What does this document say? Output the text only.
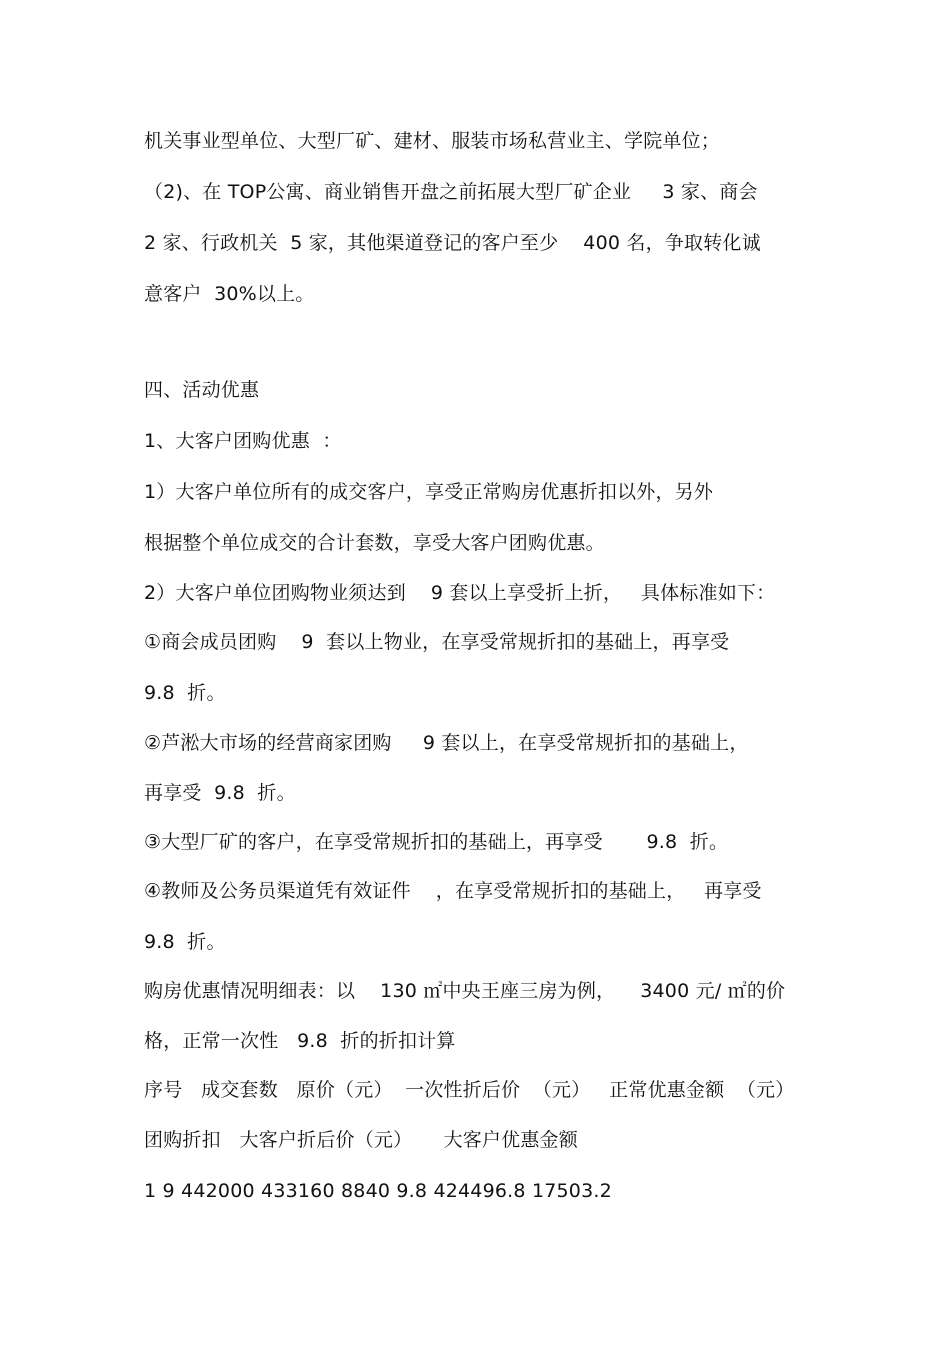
机关事业型单位、大型厂矿、建材、服装市场私营业主、学院单位；
（2)、在 TOP公寓、商业销售开盘之前拓展大型厂矿企业     3 家、商会
2 家、行政机关  5 家，其他渠道登记的客户至少    400 名，争取转化诚
意客户  30%以上。
四、活动优惠
1、大客户团购优惠  ：
1）大客户单位所有的成交客户，享受正常购房优惠折扣以外，另外
根据整个单位成交的合计套数，享受大客户团购优惠。
2）大客户单位团购物业须达到    9 套以上享受折上折，   具体标准如下：
①商会成员团购    9  套以上物业，在享受常规折扣的基础上，再享受
9.8  折。
②芦淞大市场的经营商家团购     9 套以上，在享受常规折扣的基础上，
再享受  9.8  折。
③大型厂矿的客户，在享受常规折扣的基础上，再享受       9.8  折。
④教师及公务员渠道凭有效证件    ，在享受常规折扣的基础上，   再享受
9.8  折。
购房优惠情况明细表：以    130 ㎡中央王座三房为例，    3400 元/ ㎡的价
格，正常一次性   9.8  折的折扣计算
序号   成交套数   原价（元）  一次性折后价  （元）   正常优惠金额  （元）
团购折扣   大客户折后价（元）     大客户优惠金额
1 9 442000 433160 8840 9.8 424496.8 17503.2
